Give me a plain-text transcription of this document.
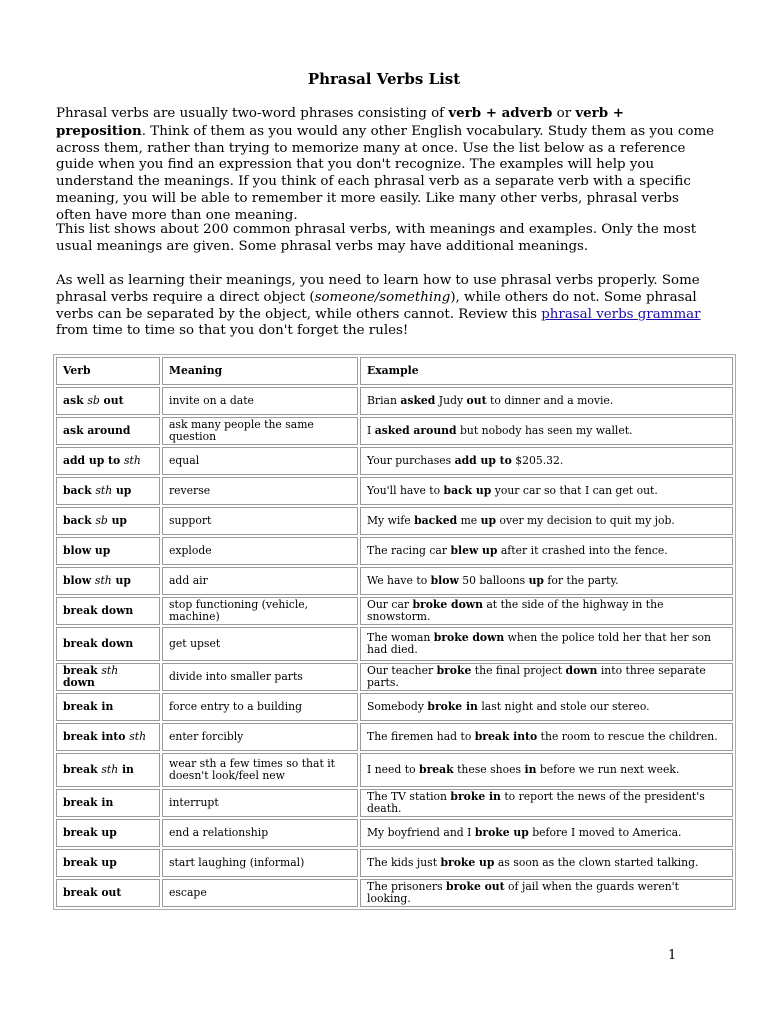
Phrasal Verbs List

Phrasal verbs are usually two-word phrases consisting of verb + adverb or verb + preposition. Think of them as you would any other English vocabulary. Study them as you come across them, rather than trying to memorize many at once. Use the list below as a reference guide when you find an expression that you don't recognize. The examples will help you understand the meanings. If you think of each phrasal verb as a separate verb with a specific meaning, you will be able to remember it more easily. Like many other verbs, phrasal verbs often have more than one meaning.

This list shows about 200 common phrasal verbs, with meanings and examples. Only the most usual meanings are given. Some phrasal verbs may have additional meanings.

As well as learning their meanings, you need to learn how to use phrasal verbs properly. Some phrasal verbs require a direct object (someone/something), while others do not. Some phrasal verbs can be separated by the object, while others cannot. Review this phrasal verbs grammar from time to time so that you don't forget the rules!

Verb	Meaning	Example
ask sb out	invite on a date	Brian asked Judy out to dinner and a movie.
ask around	ask many people the same question	I asked around but nobody has seen my wallet.
add up to sth	equal	Your purchases add up to $205.32.
back sth up	reverse	You'll have to back up your car so that I can get out.
back sb up	support	My wife backed me up over my decision to quit my job.
blow up	explode	The racing car blew up after it crashed into the fence.
blow sth up	add air	We have to blow 50 balloons up for the party.
break down	stop functioning (vehicle, machine)	Our car broke down at the side of the highway in the snowstorm.
break down	get upset	The woman broke down when the police told her that her son had died.
break sth down	divide into smaller parts	Our teacher broke the final project down into three separate parts.
break in	force entry to a building	Somebody broke in last night and stole our stereo.
break into sth	enter forcibly	The firemen had to break into the room to rescue the children.
break sth in	wear sth a few times so that it doesn't look/feel new	I need to break these shoes in before we run next week.
break in	interrupt	The TV station broke in to report the news of the president's death.
break up	end a relationship	My boyfriend and I broke up before I moved to America.
break up	start laughing (informal)	The kids just broke up as soon as the clown started talking.
break out	escape	The prisoners broke out of jail when the guards weren't looking.
1
